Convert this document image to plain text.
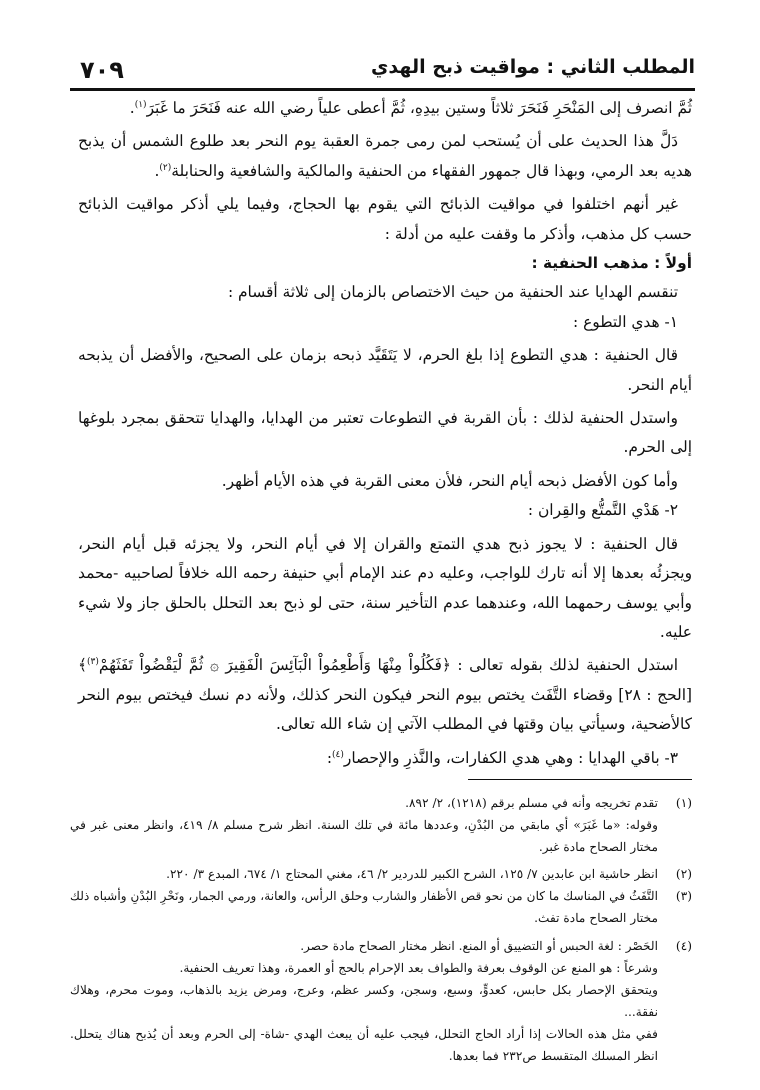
٧٠٩	المطلب الثاني : مواقيت ذبح الهدي

ثُمَّ انصرف إلى المَنْحَرِ فَنَحَرَ ثلاثاً وستين بيدِهِ، ثُمَّ أعطى علياً رضي الله عنه فَنَحَرَ ما غَبَرَ$^{(١)}$.

دَلَّ هذا الحديث على أن يُستحب لمن رمى جمرة العقبة يوم النحر بعد طلوع الشمس أن يذبح هديه بعد الرمي، وبهذا قال جمهور الفقهاء من الحنفية والمالكية والشافعية والحنابلة$^{(٢)}$.

غير أنهم اختلفوا في مواقيت الذبائح التي يقوم بها الحجاج، وفيما يلي أذكر مواقيت الذبائح حسب كل مذهب، وأذكر ما وقفت عليه من أدلة :

أولاً : مذهب الحنفية :

تنقسم الهدايا عند الحنفية من حيث الاختصاص بالزمان إلى ثلاثة أقسام :

١- هدي التطوع :

قال الحنفية : هدي التطوع إذا بلغ الحرم، لا يَتَقَيَّد ذبحه بزمان على الصحيح، والأفضل أن يذبحه أيام النحر.

واستدل الحنفية لذلك : بأن القربة في التطوعات تعتبر من الهدايا، والهدايا تتحقق بمجرد بلوغها إلى الحرم.

وأما كون الأفضل ذبحه أيام النحر، فلأن معنى القربة في هذه الأيام أظهر.

٢- هَدْي التَّمتُّع والقِران :

قال الحنفية : لا يجوز ذبح هدي التمتع والقران إلا في أيام النحر، ولا يجزئه قبل أيام النحر، ويجزئُه بعدها إلا أنه تارك للواجب، وعليه دم عند الإمام أبي حنيفة رحمه الله خلافاً لصاحبيه -محمد وأبي يوسف رحمهما الله، وعندهما عدم التأخير سنة، حتى لو ذبح بعد التحلل بالحلق جاز ولا شيء عليه.

استدل الحنفية لذلك بقوله تعالى : ﴿فَكُلُواْ مِنْهَا وَأَطْعِمُواْ الْبَآئِسَ الْفَقِيرَ ۞ ثُمَّ لْيَقْضُواْ تَفَثَهُمْ$^{(٣)}$﴾ [الحج : ٢٨] وقضاء التَّفَث يختص بيوم النحر فيكون النحر كذلك، ولأنه دم نسك فيختص بيوم النحر كالأضحية، وسيأتي بيان وقتها في المطلب الآتي إن شاء الله تعالى.

٣- باقي الهدايا : وهي هدي الكفارات، والنَّذرِ والإحصار$^{(٤)}$:

(١)
تقدم تخريجه وأنه في مسلم برقم (١٢١٨)، ٢/ ٨٩٢.
وقوله: «ما غَبَرَ» أي مابقي من البُدْنِ، وعددها مائة في تلك السنة. انظر شرح مسلم ٨/ ٤١٩، وانظر معنى غبر في مختار الصحاح مادة غبر.
(٢)
انظر حاشية ابن عابدين ٧/ ١٢٥، الشرح الكبير للدردير ٢/ ٤٦، مغني المحتاج ١/ ٦٧٤، المبدع ٣/ ٢٢٠.
(٣)
التَّفَثُ في المناسك ما كان من نحو قص الأظفار والشارب وحلق الرأس، والعانة، ورمي الجمار، ونَحْرِ البُدْنِ وأشباه ذلك مختار الصحاح مادة تفث.
(٤)
الحَصْر : لغة الحبس أو التضييق أو المنع. انظر مختار الصحاح مادة حصر.
وشرعاً : هو المنع عن الوقوف بعرفة والطواف بعد الإحرام بالحج أو العمرة، وهذا تعريف الحنفية.
ويتحقق الإحصار بكل حابس، كعدوٍّ، وسبع، وسجن، وكسر عظم، وعرج، ومرض يزيد بالذهاب، وموت محرم، وهلاك نفقة...
ففي مثل هذه الحالات إذا أراد الحاج التحلل، فيجب عليه أن يبعث الهدي -شاة- إلى الحرم وبعد أن يُذبح هناك يتحلل. انظر المسلك المتقسط ص٢٣٢ فما بعدها.
